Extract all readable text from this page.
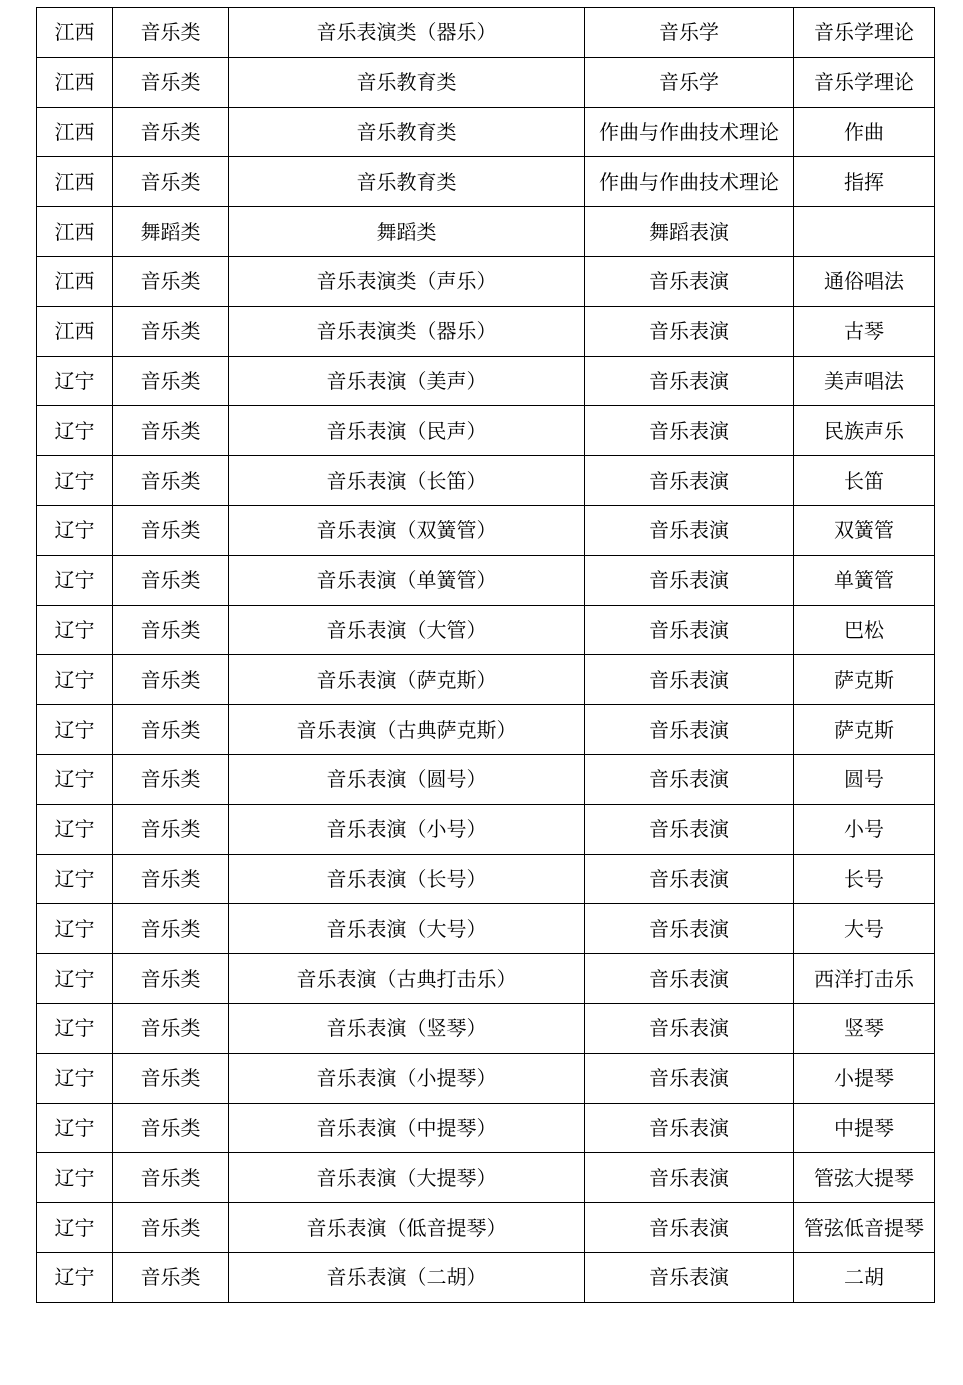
江西	音乐类	音乐表演类（器乐）	音乐学	音乐学理论
江西	音乐类	音乐教育类	音乐学	音乐学理论
江西	音乐类	音乐教育类	作曲与作曲技术理论	作曲
江西	音乐类	音乐教育类	作曲与作曲技术理论	指挥
江西	舞蹈类	舞蹈类	舞蹈表演	
江西	音乐类	音乐表演类（声乐）	音乐表演	通俗唱法
江西	音乐类	音乐表演类（器乐）	音乐表演	古琴
辽宁	音乐类	音乐表演（美声）	音乐表演	美声唱法
辽宁	音乐类	音乐表演（民声）	音乐表演	民族声乐
辽宁	音乐类	音乐表演（长笛）	音乐表演	长笛
辽宁	音乐类	音乐表演（双簧管）	音乐表演	双簧管
辽宁	音乐类	音乐表演（单簧管）	音乐表演	单簧管
辽宁	音乐类	音乐表演（大管）	音乐表演	巴松
辽宁	音乐类	音乐表演（萨克斯）	音乐表演	萨克斯
辽宁	音乐类	音乐表演（古典萨克斯）	音乐表演	萨克斯
辽宁	音乐类	音乐表演（圆号）	音乐表演	圆号
辽宁	音乐类	音乐表演（小号）	音乐表演	小号
辽宁	音乐类	音乐表演（长号）	音乐表演	长号
辽宁	音乐类	音乐表演（大号）	音乐表演	大号
辽宁	音乐类	音乐表演（古典打击乐）	音乐表演	西洋打击乐
辽宁	音乐类	音乐表演（竖琴）	音乐表演	竖琴
辽宁	音乐类	音乐表演（小提琴）	音乐表演	小提琴
辽宁	音乐类	音乐表演（中提琴）	音乐表演	中提琴
辽宁	音乐类	音乐表演（大提琴）	音乐表演	管弦大提琴
辽宁	音乐类	音乐表演（低音提琴）	音乐表演	管弦低音提琴
辽宁	音乐类	音乐表演（二胡）	音乐表演	二胡
